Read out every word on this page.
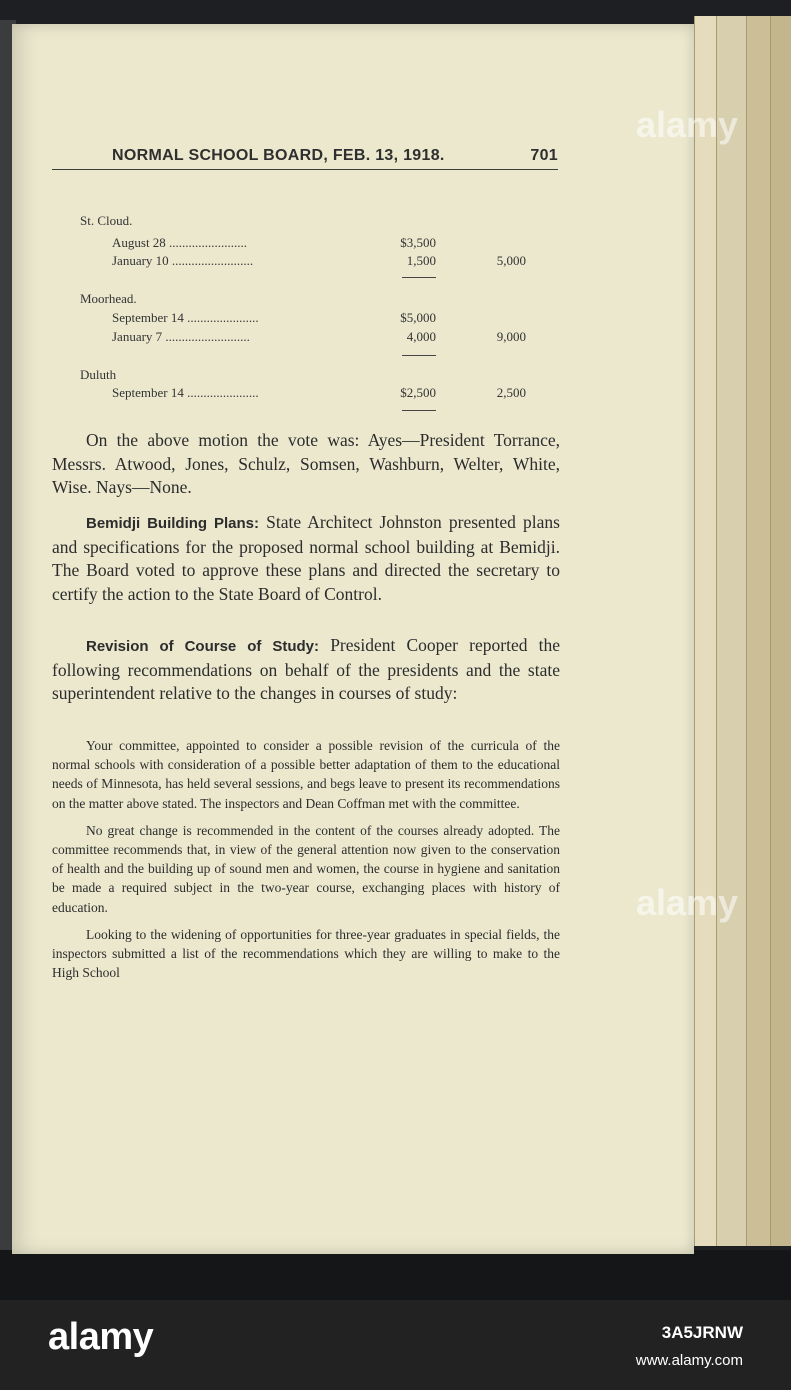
NORMAL SCHOOL BOARD, FEB. 13, 1918.	701
St. Cloud.
August 28 ........................	$3,500
January 10 .........................	1,500	5,000
Moorhead.
September 14 ......................	$5,000
January 7 ..........................	4,000	9,000
Duluth
September 14 ......................	$2,500	2,500
On the above motion the vote was: Ayes—President Torrance, Messrs. Atwood, Jones, Schulz, Somsen, Washburn, Welter, White, Wise. Nays—None.
Bemidji Building Plans: State Architect Johnston presented plans and specifications for the proposed normal school building at Bemidji. The Board voted to approve these plans and directed the secretary to certify the action to the State Board of Control.
Revision of Course of Study: President Cooper reported the following recommendations on behalf of the presidents and the state superintendent relative to the changes in courses of study:

Your committee, appointed to consider a possible revision of the curricula of the normal schools with consideration of a possible better adaptation of them to the educational needs of Minnesota, has held several sessions, and begs leave to present its recommendations on the matter above stated. The inspectors and Dean Coffman met with the committee.

No great change is recommended in the content of the courses already adopted. The committee recommends that, in view of the general attention now given to the conservation of health and the building up of sound men and women, the course in hygiene and sanitation be made a required subject in the two-year course, exchanging places with history of education.

Looking to the widening of opportunities for three-year graduates in special fields, the inspectors submitted a list of the recommendations which they are willing to make to the High School

alamy
alamy
alamy	3A5JRNW
www.alamy.com
